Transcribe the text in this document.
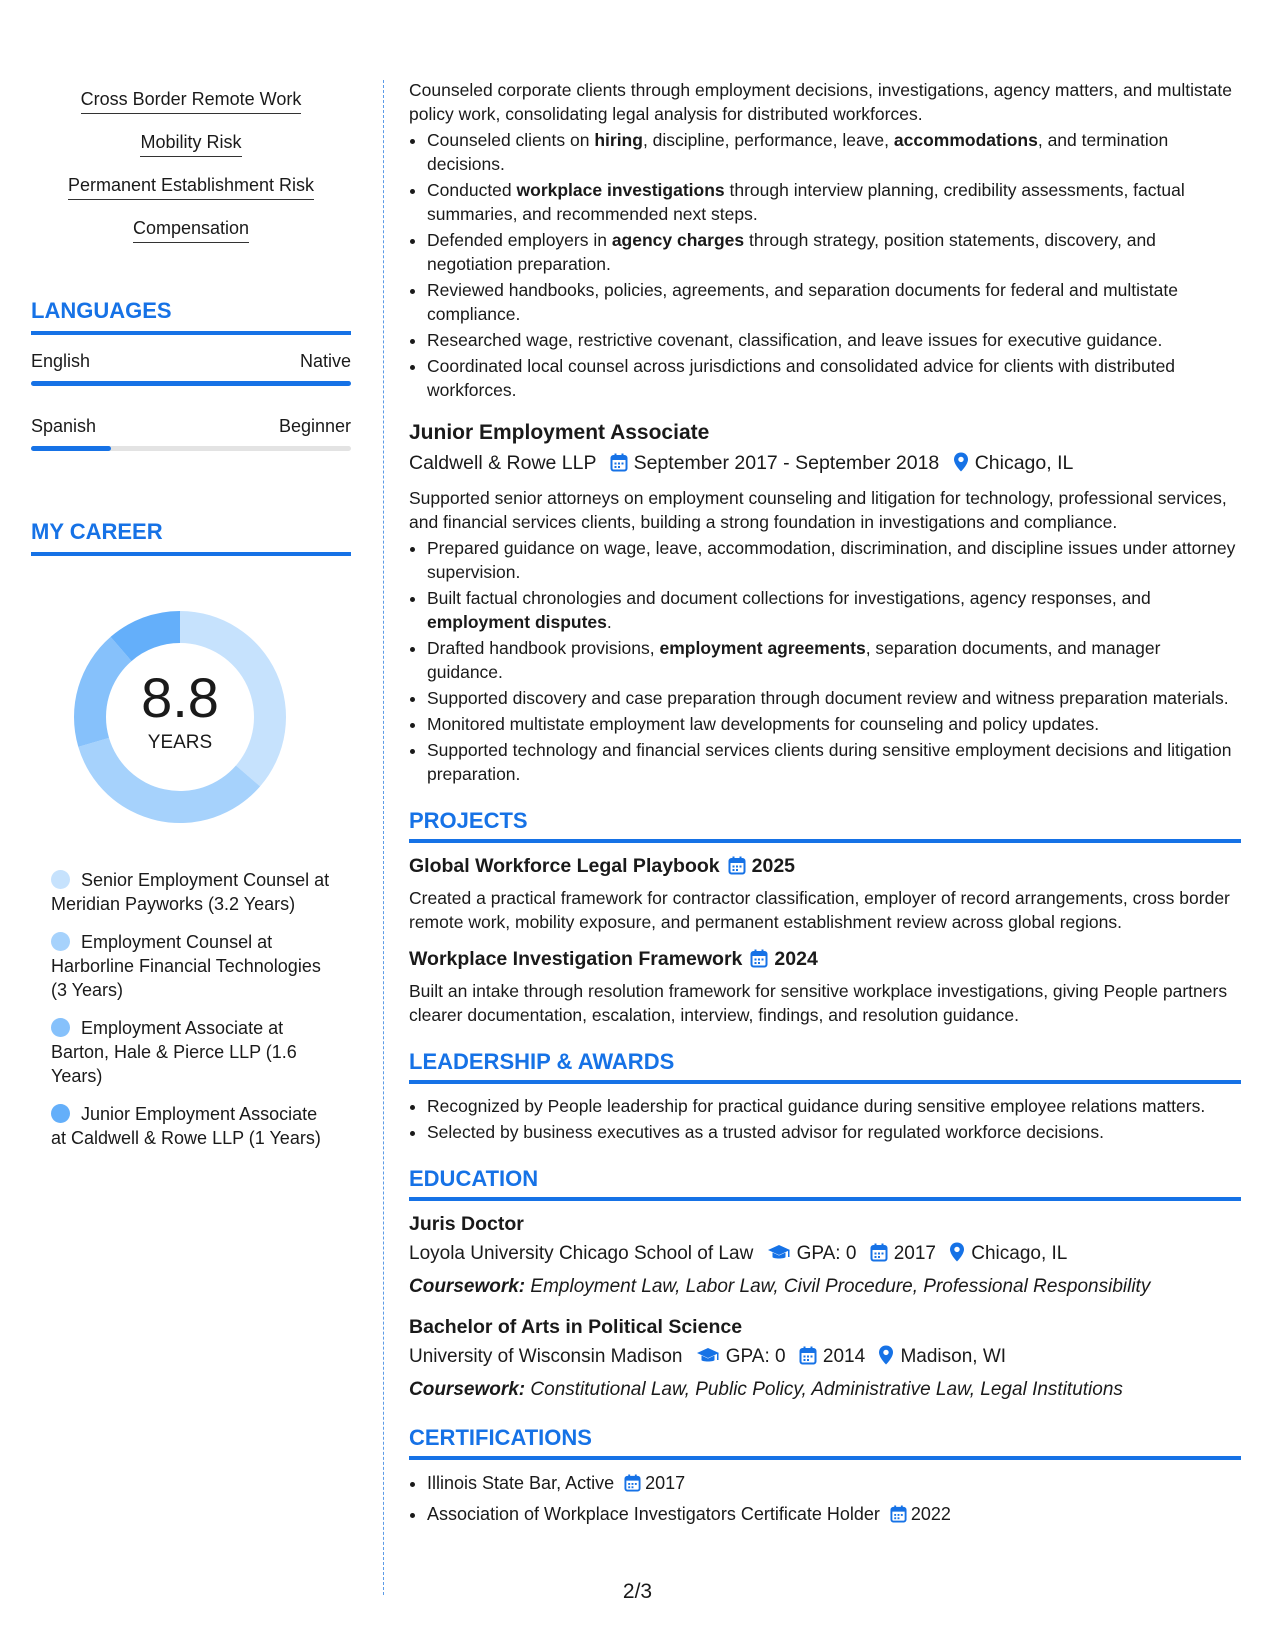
Cross Border Remote Work
Mobility Risk
Permanent Establishment Risk
Compensation
LANGUAGES
English	Native
Spanish	Beginner
MY CAREER
8.8
YEARS
Senior Employment Counsel at Meridian Payworks (3.2 Years)
Employment Counsel at Harborline Financial Technologies (3 Years)
Employment Associate at Barton, Hale & Pierce LLP (1.6 Years)
Junior Employment Associate at Caldwell & Rowe LLP (1 Years)

Counseled corporate clients through employment decisions, investigations, agency matters, and multistate policy work, consolidating legal analysis for distributed workforces.

• Counseled clients on hiring, discipline, performance, leave, accommodations, and termination decisions.
• Conducted workplace investigations through interview planning, credibility assessments, factual summaries, and recommended next steps.
• Defended employers in agency charges through strategy, position statements, discovery, and negotiation preparation.
• Reviewed handbooks, policies, agreements, and separation documents for federal and multistate compliance.
• Researched wage, restrictive covenant, classification, and leave issues for executive guidance.
• Coordinated local counsel across jurisdictions and consolidated advice for clients with distributed workforces.
Junior Employment Associate
Caldwell & Rowe LLP September 2017 - September 2018 Chicago, IL

Supported senior attorneys on employment counseling and litigation for technology, professional services, and financial services clients, building a strong foundation in investigations and compliance.

• Prepared guidance on wage, leave, accommodation, discrimination, and discipline issues under attorney supervision.
• Built factual chronologies and document collections for investigations, agency responses, and employment disputes.
• Drafted handbook provisions, employment agreements, separation documents, and manager guidance.
• Supported discovery and case preparation through document review and witness preparation materials.
• Monitored multistate employment law developments for counseling and policy updates.
• Supported technology and financial services clients during sensitive employment decisions and litigation preparation.
PROJECTS
Global Workforce Legal Playbook 2025

Created a practical framework for contractor classification, employer of record arrangements, cross border remote work, mobility exposure, and permanent establishment review across global regions.

Workplace Investigation Framework 2024

Built an intake through resolution framework for sensitive workplace investigations, giving People partners clearer documentation, escalation, interview, findings, and resolution guidance.

LEADERSHIP & AWARDS
• Recognized by People leadership for practical guidance during sensitive employee relations matters.
• Selected by business executives as a trusted advisor for regulated workforce decisions.
EDUCATION
Juris Doctor
Loyola University Chicago School of Law GPA: 0 2017 Chicago, IL
Coursework: Employment Law, Labor Law, Civil Procedure, Professional Responsibility
Bachelor of Arts in Political Science
University of Wisconsin Madison GPA: 0 2014 Madison, WI
Coursework: Constitutional Law, Public Policy, Administrative Law, Legal Institutions
CERTIFICATIONS
• Illinois State Bar, Active 2017
• Association of Workplace Investigators Certificate Holder 2022
2/3
